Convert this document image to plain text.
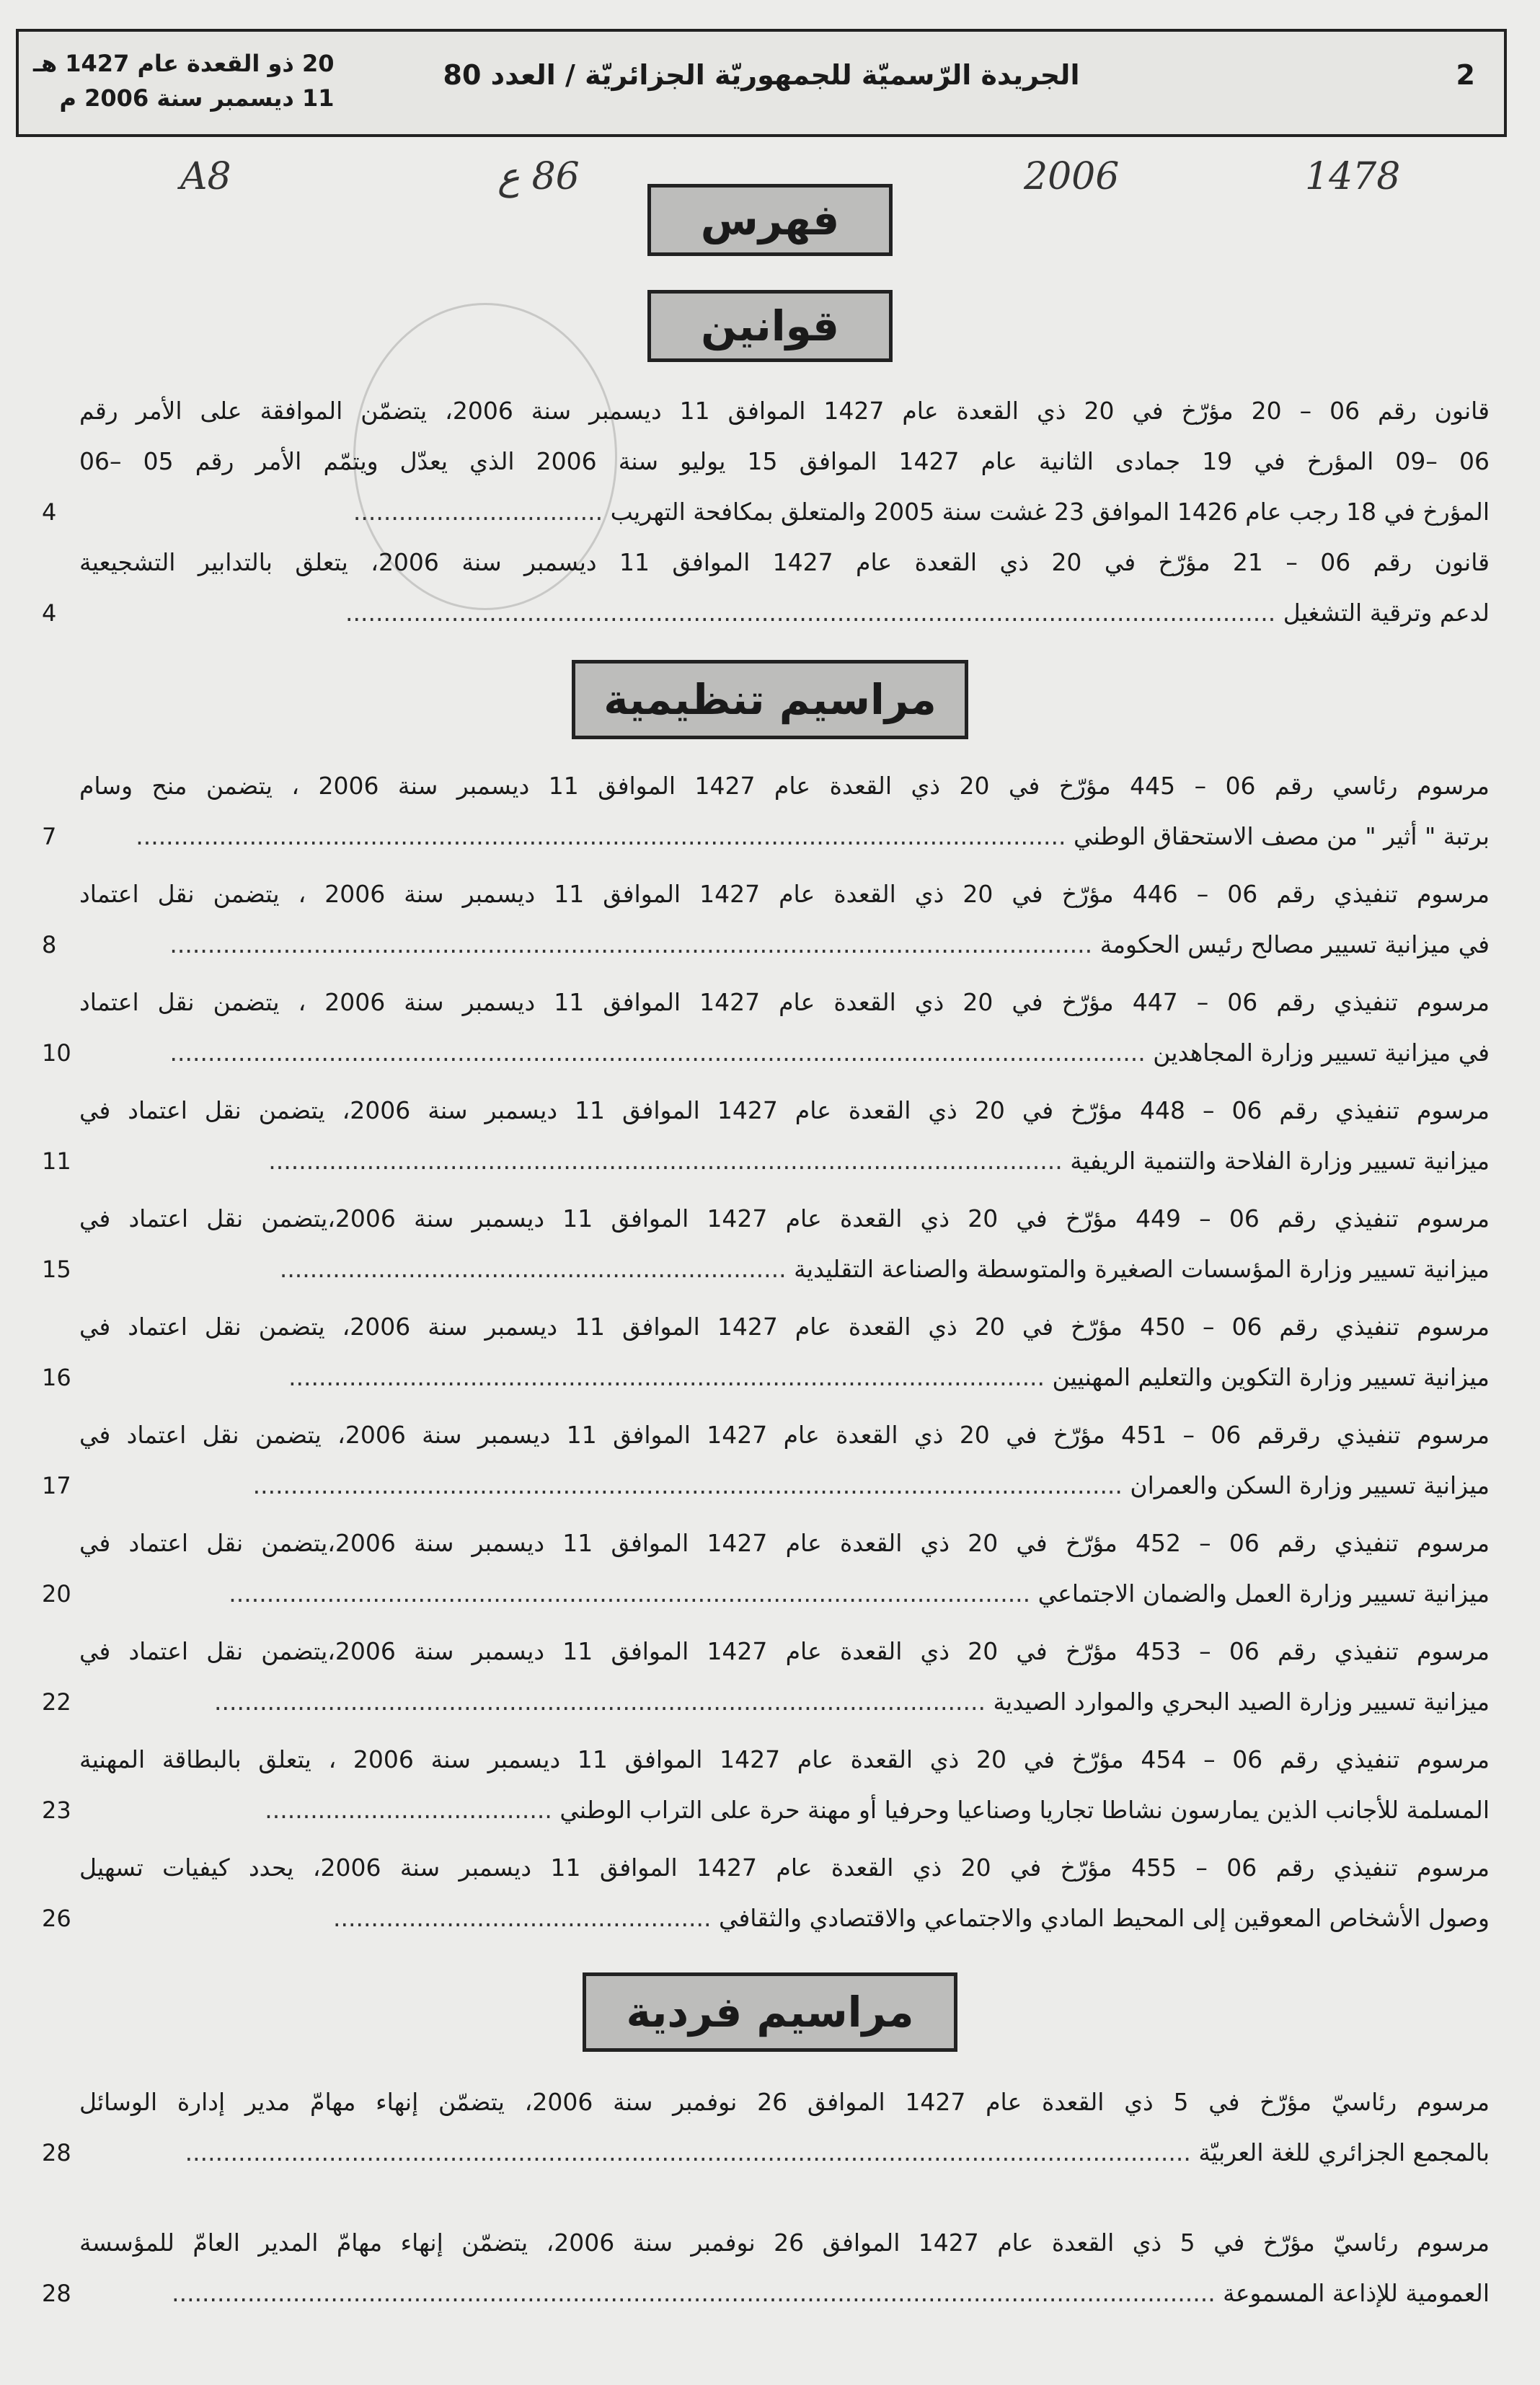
2
الجريدة الرّسميّة للجمهوريّة الجزائريّة / العدد 80
20 ذو القعدة عام 1427 هـ
11 ديسمبر سنة 2006 م
A8	86 ع	2006	1478
فهرس
قوانين
قانون رقم 06 – 20 مؤرّخ في 20 ذي القعدة عام 1427 الموافق 11 ديسمبر سنة 2006، يتضمّن الموافقة على الأمر رقم
06 –09 المؤرخ في 19 جمادى الثانية عام 1427 الموافق 15 يوليو سنة 2006 الذي يعدّل ويتمّم الأمر رقم 05 –06
المؤرخ في 18 رجب عام 1426 الموافق 23 غشت سنة 2005 والمتعلق بمكافحة التهريب .................................
4
قانون رقم 06 – 21 مؤرّخ في 20 ذي القعدة عام 1427 الموافق 11 ديسمبر سنة 2006، يتعلق بالتدابير التشجيعية
لدعم وترقية التشغيل ...........................................................................................................................
4
مراسيم تنظيمية
مرسوم رئاسي رقم 06 – 445 مؤرّخ في 20 ذي القعدة عام 1427 الموافق 11 ديسمبر سنة 2006 ، يتضمن منح وسام
برتبة " أثير " من مصف الاستحقاق الوطني ...........................................................................................................................
7
مرسوم تنفيذي رقم 06 – 446 مؤرّخ في 20 ذي القعدة عام 1427 الموافق 11 ديسمبر سنة 2006 ، يتضمن نقل اعتماد
في ميزانية تسيير مصالح رئيس الحكومة ..........................................................................................................................
8
مرسوم تنفيذي رقم 06 – 447 مؤرّخ في 20 ذي القعدة عام 1427 الموافق 11 ديسمبر سنة 2006 ، يتضمن نقل اعتماد
في ميزانية تسيير وزارة المجاهدين .................................................................................................................................
10
مرسوم تنفيذي رقم 06 – 448 مؤرّخ في 20 ذي القعدة عام 1427 الموافق 11 ديسمبر سنة 2006، يتضمن نقل اعتماد في
ميزانية تسيير وزارة الفلاحة والتنمية الريفية .........................................................................................................
11
مرسوم تنفيذي رقم 06 – 449 مؤرّخ في 20 ذي القعدة عام 1427 الموافق 11 ديسمبر سنة 2006،يتضمن نقل اعتماد في
ميزانية تسيير وزارة المؤسسات الصغيرة والمتوسطة والصناعة التقليدية ...................................................................
15
مرسوم تنفيذي رقم 06 – 450 مؤرّخ في 20 ذي القعدة عام 1427 الموافق 11 ديسمبر سنة 2006، يتضمن نقل اعتماد في
ميزانية تسيير وزارة التكوين والتعليم المهنيين ....................................................................................................
16
مرسوم تنفيذي رقرقم 06 – 451 مؤرّخ في 20 ذي القعدة عام 1427 الموافق 11 ديسمبر سنة 2006، يتضمن نقل اعتماد في
ميزانية تسيير وزارة السكن والعمران ...................................................................................................................
17
مرسوم تنفيذي رقم 06 – 452 مؤرّخ في 20 ذي القعدة عام 1427 الموافق 11 ديسمبر سنة 2006،يتضمن نقل اعتماد في
ميزانية تسيير وزارة العمل والضمان الاجتماعي ..........................................................................................................
20
مرسوم تنفيذي رقم 06 – 453 مؤرّخ في 20 ذي القعدة عام 1427 الموافق 11 ديسمبر سنة 2006،يتضمن نقل اعتماد في
ميزانية تسيير وزارة الصيد البحري والموارد الصيدية ......................................................................................................
22
مرسوم تنفيذي رقم 06 – 454 مؤرّخ في 20 ذي القعدة عام 1427 الموافق 11 ديسمبر سنة 2006 ، يتعلق بالبطاقة المهنية
المسلمة للأجانب الذين يمارسون نشاطا تجاريا وصناعيا وحرفيا أو مهنة حرة على التراب الوطني ......................................
23
مرسوم تنفيذي رقم 06 – 455 مؤرّخ في 20 ذي القعدة عام 1427 الموافق 11 ديسمبر سنة 2006، يحدد كيفيات تسهيل
وصول الأشخاص المعوقين إلى المحيط المادي والاجتماعي والاقتصادي والثقافي ..................................................
26
مراسيم فردية
مرسوم رئاسيّ مؤرّخ في 5 ذي القعدة عام 1427 الموافق 26 نوفمبر سنة 2006، يتضمّن إنهاء مهامّ مدير إدارة الوسائل
بالمجمع الجزائري للغة العربيّة .....................................................................................................................................
28
مرسوم رئاسيّ مؤرّخ في 5 ذي القعدة عام 1427 الموافق 26 نوفمبر سنة 2006، يتضمّن إنهاء مهامّ المدير العامّ للمؤسسة
العمومية للإذاعة المسموعة ..........................................................................................................................................
28
